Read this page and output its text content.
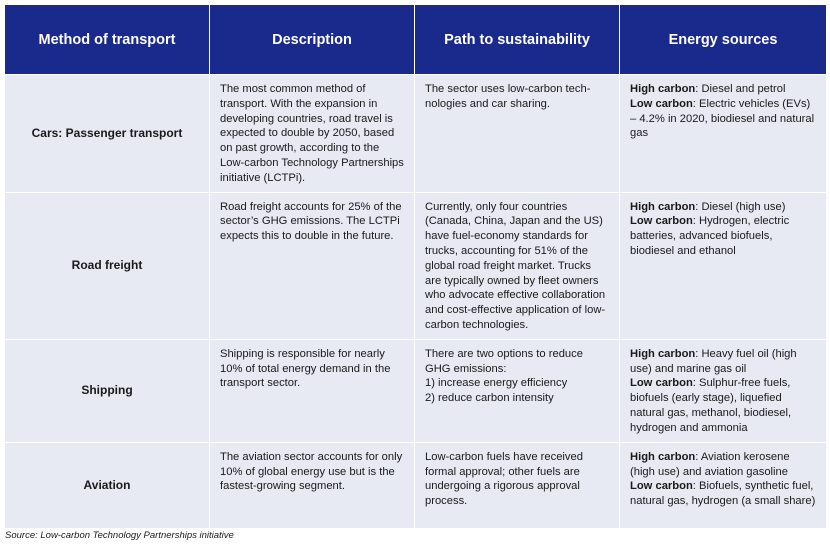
Method of transport	Description	Path to sustainability	Energy sources
Cars: Passenger transport	The most common method of transport. With the expansion in developing countries, road travel is expected to double by 2050, based on past growth, according to the Low-carbon Technology Partnerships initiative (LCTPi).	The sector uses low-carbon technologies and car sharing.	High carbon: Diesel and petrol
Low carbon: Electric vehicles (EVs) – 4.2% in 2020, biodiesel and natural gas
Road freight	Road freight accounts for 25% of the sector’s GHG emissions. The LCTPi expects this to double in the future.	Currently, only four countries (Canada, China, Japan and the US) have fuel-economy standards for trucks, accounting for 51% of the global road freight market. Trucks are typically owned by fleet owners who advocate effective collaboration and cost-effective application of low-carbon technologies.	High carbon: Diesel (high use)
Low carbon: Hydrogen, electric batteries, advanced biofuels, biodiesel and ethanol
Shipping	Shipping is responsible for nearly 10% of total energy demand in the transport sector.	There are two options to reduce GHG emissions:
1) increase energy efficiency
2) reduce carbon intensity	High carbon: Heavy fuel oil (high use) and marine gas oil
Low carbon: Sulphur-free fuels, biofuels (early stage), liquefied natural gas, methanol, biodiesel, hydrogen and ammonia
Aviation	The aviation sector accounts for only 10% of global energy use but is the fastest-growing segment.	Low-carbon fuels have received formal approval; other fuels are undergoing a rigorous approval process.	High carbon: Aviation kerosene (high use) and aviation gasoline
Low carbon: Biofuels, synthetic fuel, natural gas, hydrogen (a small share)
Source: Low-carbon Technology Partnerships initiative
